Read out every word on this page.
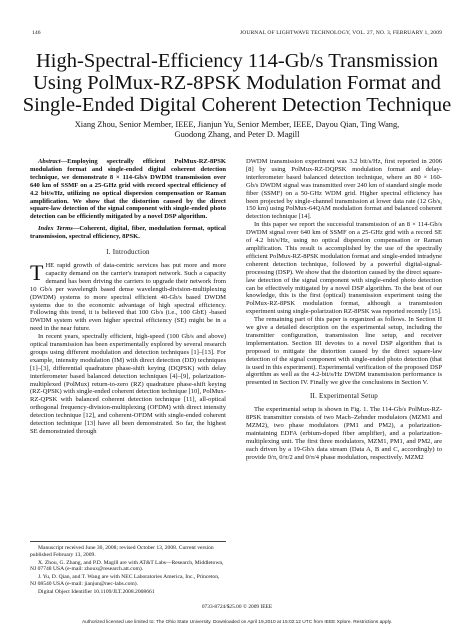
146	JOURNAL OF LIGHTWAVE TECHNOLOGY, VOL. 27, NO. 3, FEBRUARY 1, 2009
High-Spectral-Efficiency 114-Gb/s Transmission Using PolMux-RZ-8PSK Modulation Format and Single-Ended Digital Coherent Detection Technique
Xiang Zhou, Senior Member, IEEE, Jianjun Yu, Senior Member, IEEE, Dayou Qian, Ting Wang,
Guodong Zhang, and Peter D. Magill

Abstract—Employing spectrally efficient PolMux-RZ-8PSK modulation format and single-ended digital coherent detection technique, we demonstrate 8 × 114-Gb/s DWDM transmission over 640 km of SSMF on a 25-GHz grid with record spectral efficiency of 4.2 bit/s/Hz, utilizing no optical dispersion compensation or Raman amplification. We show that the distortion caused by the direct square-law detection of the signal component with single-ended photo detection can be efficiently mitigated by a novel DSP algorithm.

Index Terms—Coherent, digital, fiber, modulation format, optical transmission, spectral efficiency, 8PSK.

I. Introduction

THE rapid growth of data-centric services has put more and more capacity demand on the carrier's transport network. Such a capacity demand has been driving the carriers to upgrade their network from 10 Gb/s per wavelength based dense wavelength-division-multiplexing (DWDM) systems to more spectral efficient 40-Gb/s based DWDM systems due to the economic advantage of high spectral efficiency. Following this trend, it is believed that 100 Gb/s (i.e., 100 GbE) -based DWDM system with even higher spectral efficiency (SE) might be in a need in the near future.

In recent years, spectrally efficient, high-speed (100 Gb/s and above) optical transmission has been experimentally explored by several research groups using different modulation and detection techniques [1]–[13]. For example, intensity modulation (IM) with direct detection (DD) techniques [1]–[3], differential quadrature phase-shift keying (DQPSK) with delay interferometer based balanced detection techniques [4]–[9], polarization-multiplexed (PolMux) return-to-zero (RZ) quadrature phase-shift keying (RZ-QPSK) with single-ended coherent detection technique [10], PolMux-RZ-QPSK with balanced coherent detection technique [11], all-optical orthogonal frequency-division-multiplexing (OFDM) with direct intensity detection technique [12], and coherent-OFDM with single-ended coherent detection technique [13] have all been demonstrated. So far, the highest SE demonstrated through

Manuscript received June 30, 2008; revised October 13, 2008. Current version published February 13, 2009.

X. Zhou, G. Zhang, and P.D. Magill are with AT&T Labs—Research, Middletown, NJ 07748 USA (e-mail: zhoux@research.att.com).

J. Yu, D. Qian, and T. Wang are with NEC Laboratories America, Inc., Princeton, NJ 08540 USA (e-mail: jianjun@nec-labs.com).

Digital Object Identifier 10.1109/JLT.2008.2008661

DWDM transmission experiment was 3.2 bit/s/Hz, first reported in 2006 [8] by using PolMux-RZ-DQPSK modulation format and delay-interferometer based balanced detection technique, where an 80 × 160-Gb/s DWDM signal was transmitted over 240 km of standard single mode fiber (SSMF) on a 50-GHz WDM grid. Higher spectral efficiency has been projected by single-channel transmission at lower data rate (12 Gb/s, 150 km) using PolMux-64QAM modulation format and balanced coherent detection technique [14].

In this paper we report the successful transmission of an 8 × 114-Gb/s DWDM signal over 640 km of SSMF on a 25-GHz grid with a record SE of 4.2 bit/s/Hz, using no optical dispersion compensation or Raman amplification. This result is accomplished by the use of the spectrally efficient PolMux-RZ-8PSK modulation format and single-ended intradyne coherent detection technique, followed by a powerful digital-signal-processing (DSP). We show that the distortion caused by the direct square-law detection of the signal component with single-ended photo detection can be effectively mitigated by a novel DSP algorithm. To the best of our knowledge, this is the first (optical) transmission experiment using the PolMux-RZ-8PSK modulation format, although a transmission experiment using single-polarization RZ-8PSK was reported recently [15].

The remaining part of this paper is organized as follows. In Section II we give a detailed description on the experimental setup, including the transmitter configuration, transmission line setup, and receiver implementation. Section III devotes to a novel DSP algorithm that is proposed to mitigate the distortion caused by the direct square-law detection of the signal component with single-ended photo detection (that is used in this experiment). Experimental verification of the proposed DSP algorithm as well as the 4.2-bit/s/Hz DWDM transmission performance is presented in Section IV. Finally we give the conclusions in Section V.

II. Experimental Setup

The experimental setup is shown in Fig. 1. The 114-Gb/s PolMux-RZ-8PSK transmitter consists of two Mach–Zehnder modulators (MZM1 and MZM2), two phase modulators (PM1 and PM2), a polarization-maintaining EDFA (erbium-doped fiber amplifier), and a polarization-multiplexing unit. The first three modulators, MZM1, PM1, and PM2, are each driven by a 19-Gb/s data stream (Data A, B and C, accordingly) to provide 0/π, 0/π/2 and 0/π/4 phase modulation, respectively. MZM2

0733-8724/$25.00 © 2009 IEEE
Authorized licensed use limited to: The Ohio State University. Downloaded on April 19,2010 at 15:02:12 UTC from IEEE Xplore. Restrictions apply.
